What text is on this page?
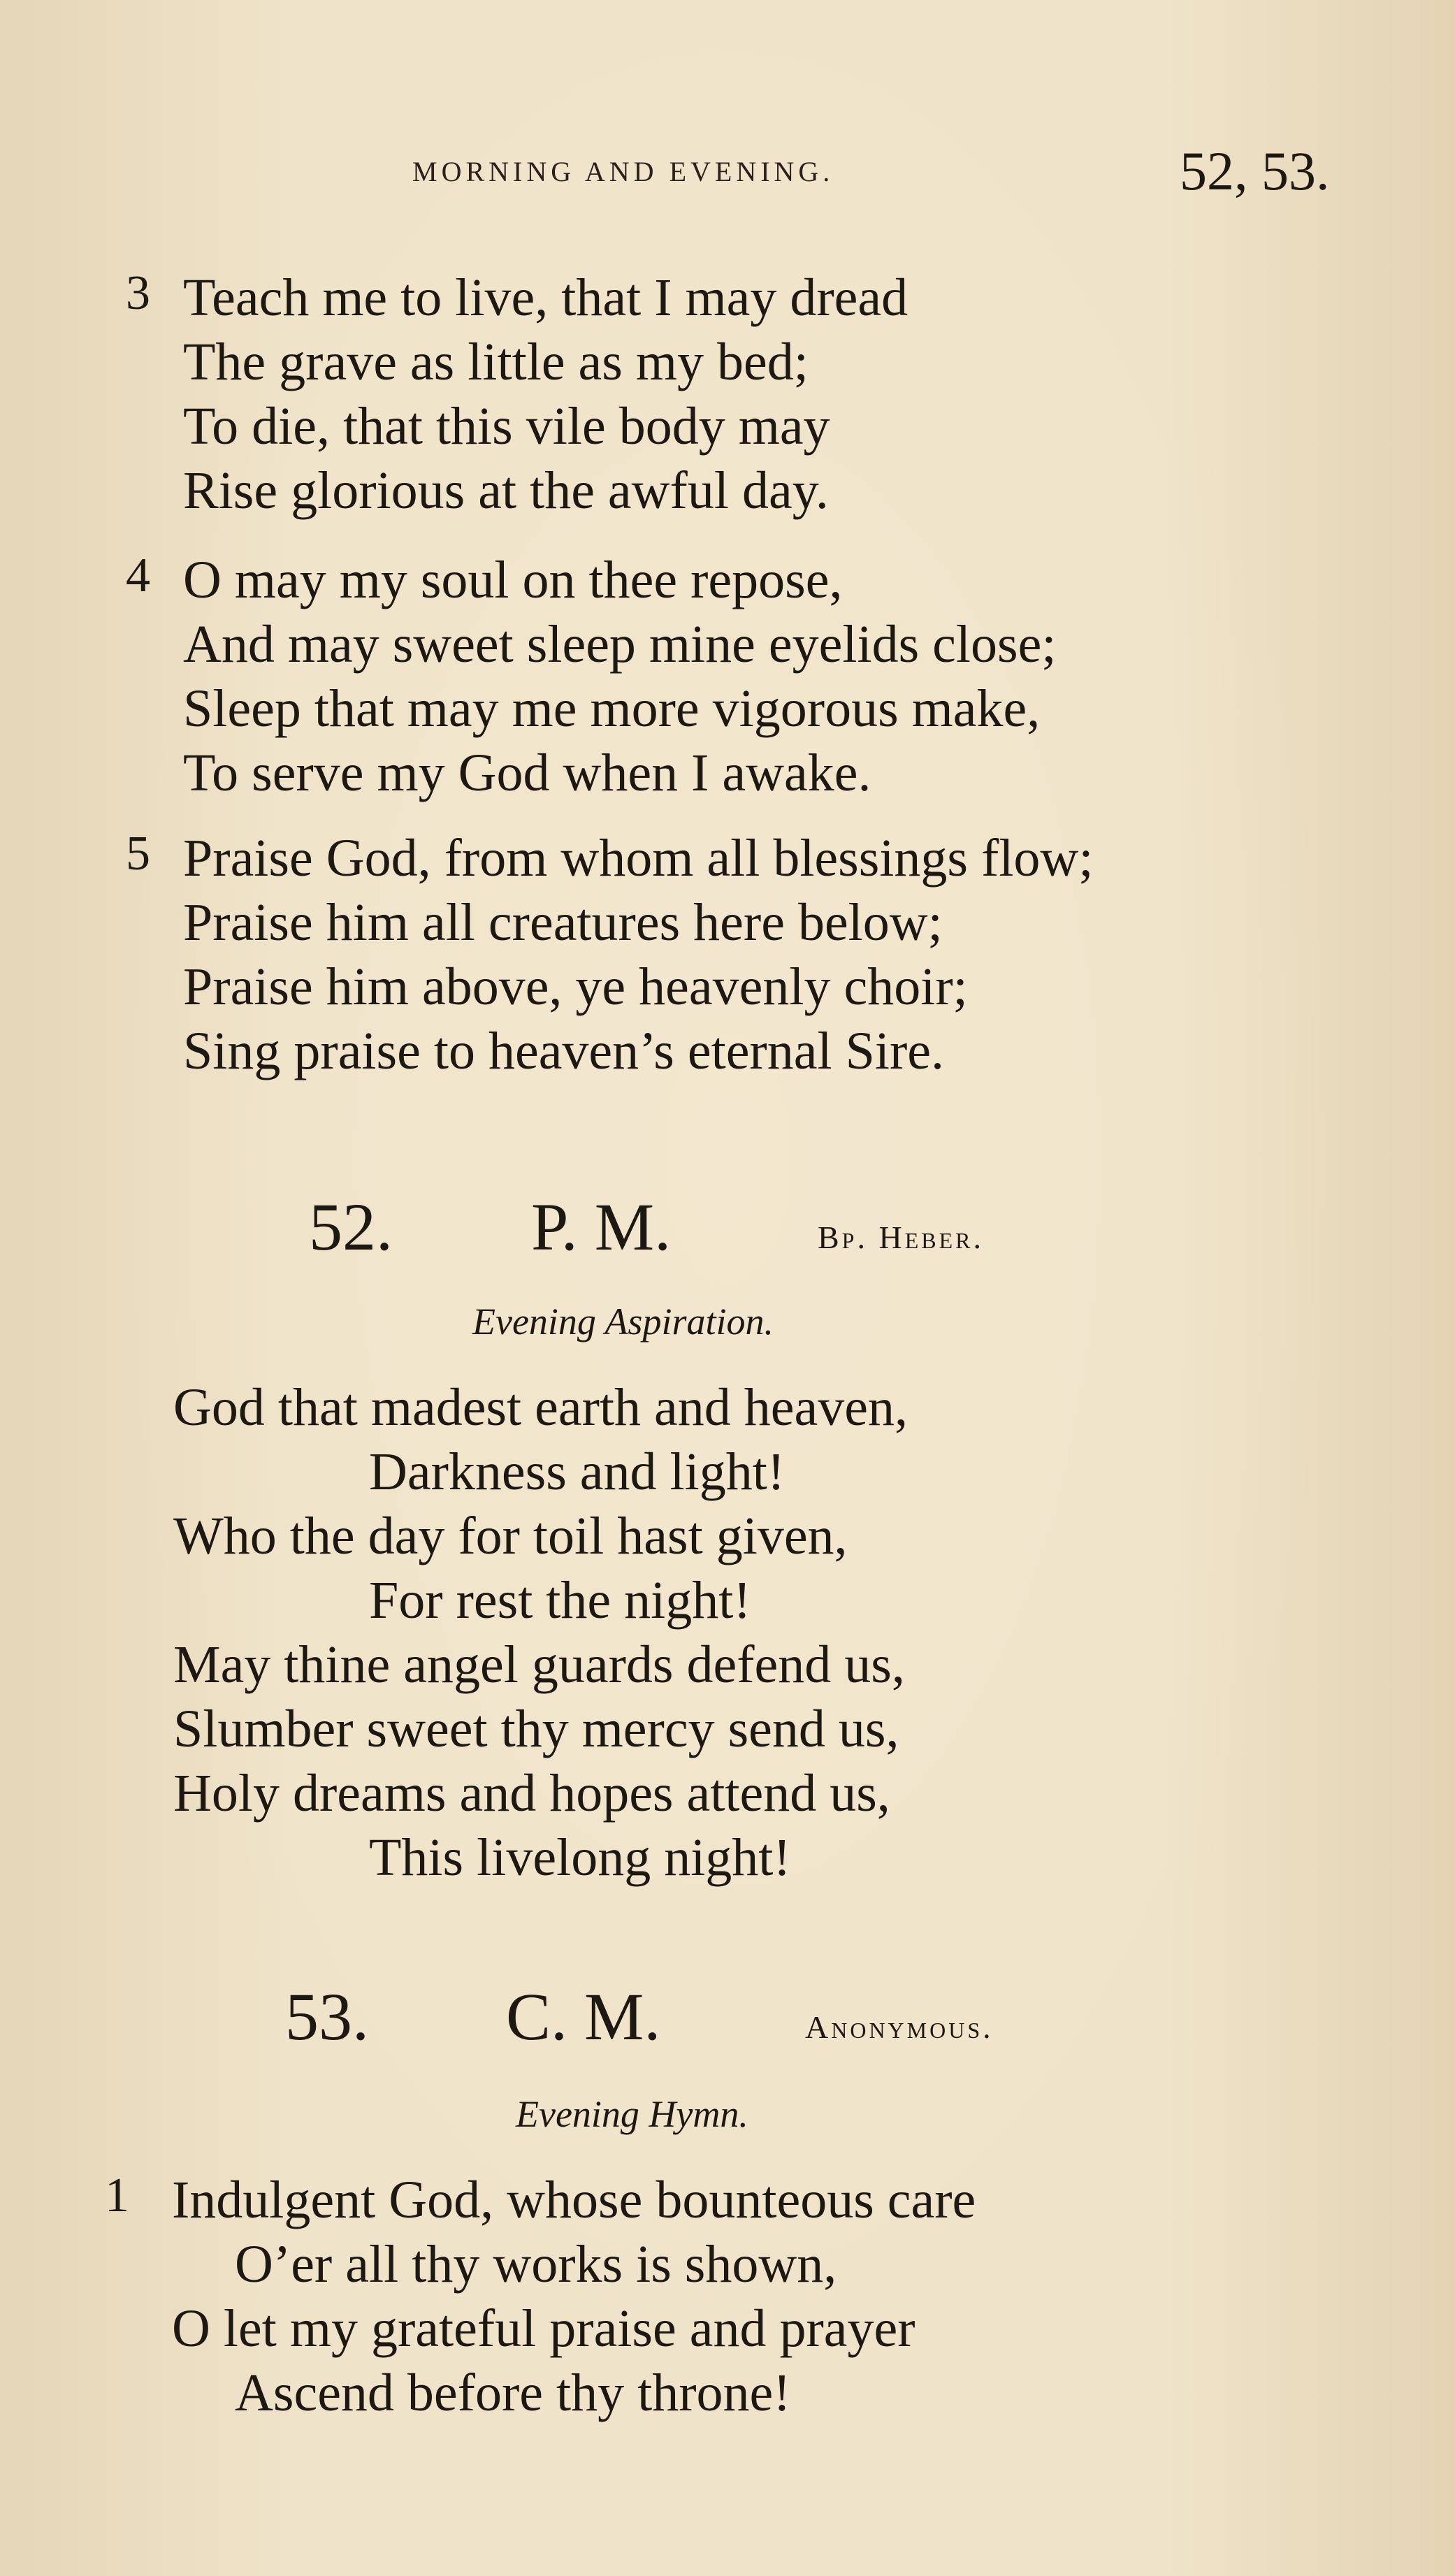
MORNING AND EVENING.	52, 53.
3 Teach me to live, that I may dread
The grave as little as my bed;
To die, that this vile body may
Rise glorious at the awful day.
4 O may my soul on thee repose,
And may sweet sleep mine eyelids close;
Sleep that may me more vigorous make,
To serve my God when I awake.
5 Praise God, from whom all blessings flow;
Praise him all creatures here below;
Praise him above, ye heavenly choir;
Sing praise to heaven’s eternal Sire.
52. P. M.	Bp. Heber.
Evening Aspiration.
God that madest earth and heaven,
Darkness and light!
Who the day for toil hast given,
For rest the night!
May thine angel guards defend us,
Slumber sweet thy mercy send us,
Holy dreams and hopes attend us,
This livelong night!
53. C. M.	Anonymous.
Evening Hymn.
1 Indulgent God, whose bounteous care
O’er all thy works is shown,
O let my grateful praise and prayer
Ascend before thy throne!
